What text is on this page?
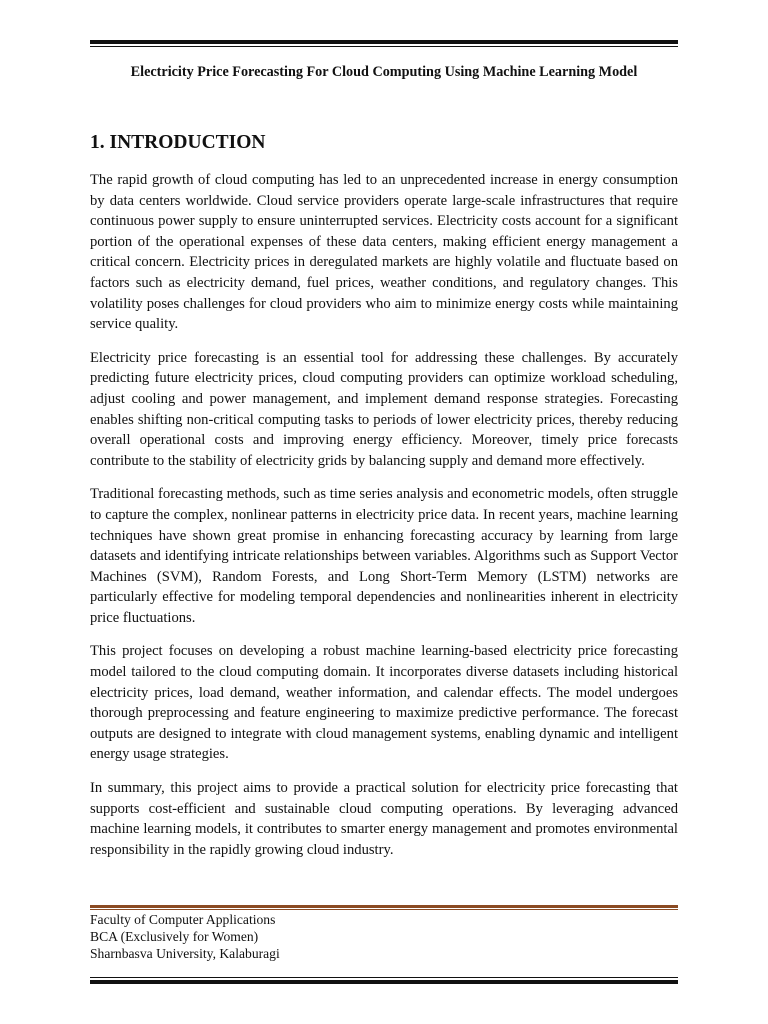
Electricity Price Forecasting For Cloud Computing Using Machine Learning Model
1. INTRODUCTION

The rapid growth of cloud computing has led to an unprecedented increase in energy consumption by data centers worldwide. Cloud service providers operate large-scale infrastructures that require continuous power supply to ensure uninterrupted services. Electricity costs account for a significant portion of the operational expenses of these data centers, making efficient energy management a critical concern. Electricity prices in deregulated markets are highly volatile and fluctuate based on factors such as electricity demand, fuel prices, weather conditions, and regulatory changes. This volatility poses challenges for cloud providers who aim to minimize energy costs while maintaining service quality.

Electricity price forecasting is an essential tool for addressing these challenges. By accurately predicting future electricity prices, cloud computing providers can optimize workload scheduling, adjust cooling and power management, and implement demand response strategies. Forecasting enables shifting non-critical computing tasks to periods of lower electricity prices, thereby reducing overall operational costs and improving energy efficiency. Moreover, timely price forecasts contribute to the stability of electricity grids by balancing supply and demand more effectively.

Traditional forecasting methods, such as time series analysis and econometric models, often struggle to capture the complex, nonlinear patterns in electricity price data. In recent years, machine learning techniques have shown great promise in enhancing forecasting accuracy by learning from large datasets and identifying intricate relationships between variables. Algorithms such as Support Vector Machines (SVM), Random Forests, and Long Short-Term Memory (LSTM) networks are particularly effective for modeling temporal dependencies and nonlinearities inherent in electricity price fluctuations.

This project focuses on developing a robust machine learning-based electricity price forecasting model tailored to the cloud computing domain. It incorporates diverse datasets including historical electricity prices, load demand, weather information, and calendar effects. The model undergoes thorough preprocessing and feature engineering to maximize predictive performance. The forecast outputs are designed to integrate with cloud management systems, enabling dynamic and intelligent energy usage strategies.

In summary, this project aims to provide a practical solution for electricity price forecasting that supports cost-efficient and sustainable cloud computing operations. By leveraging advanced machine learning models, it contributes to smarter energy management and promotes environmental responsibility in the rapidly growing cloud industry.

Faculty of Computer Applications
BCA (Exclusively for Women)
Sharnbasva University, Kalaburagi
